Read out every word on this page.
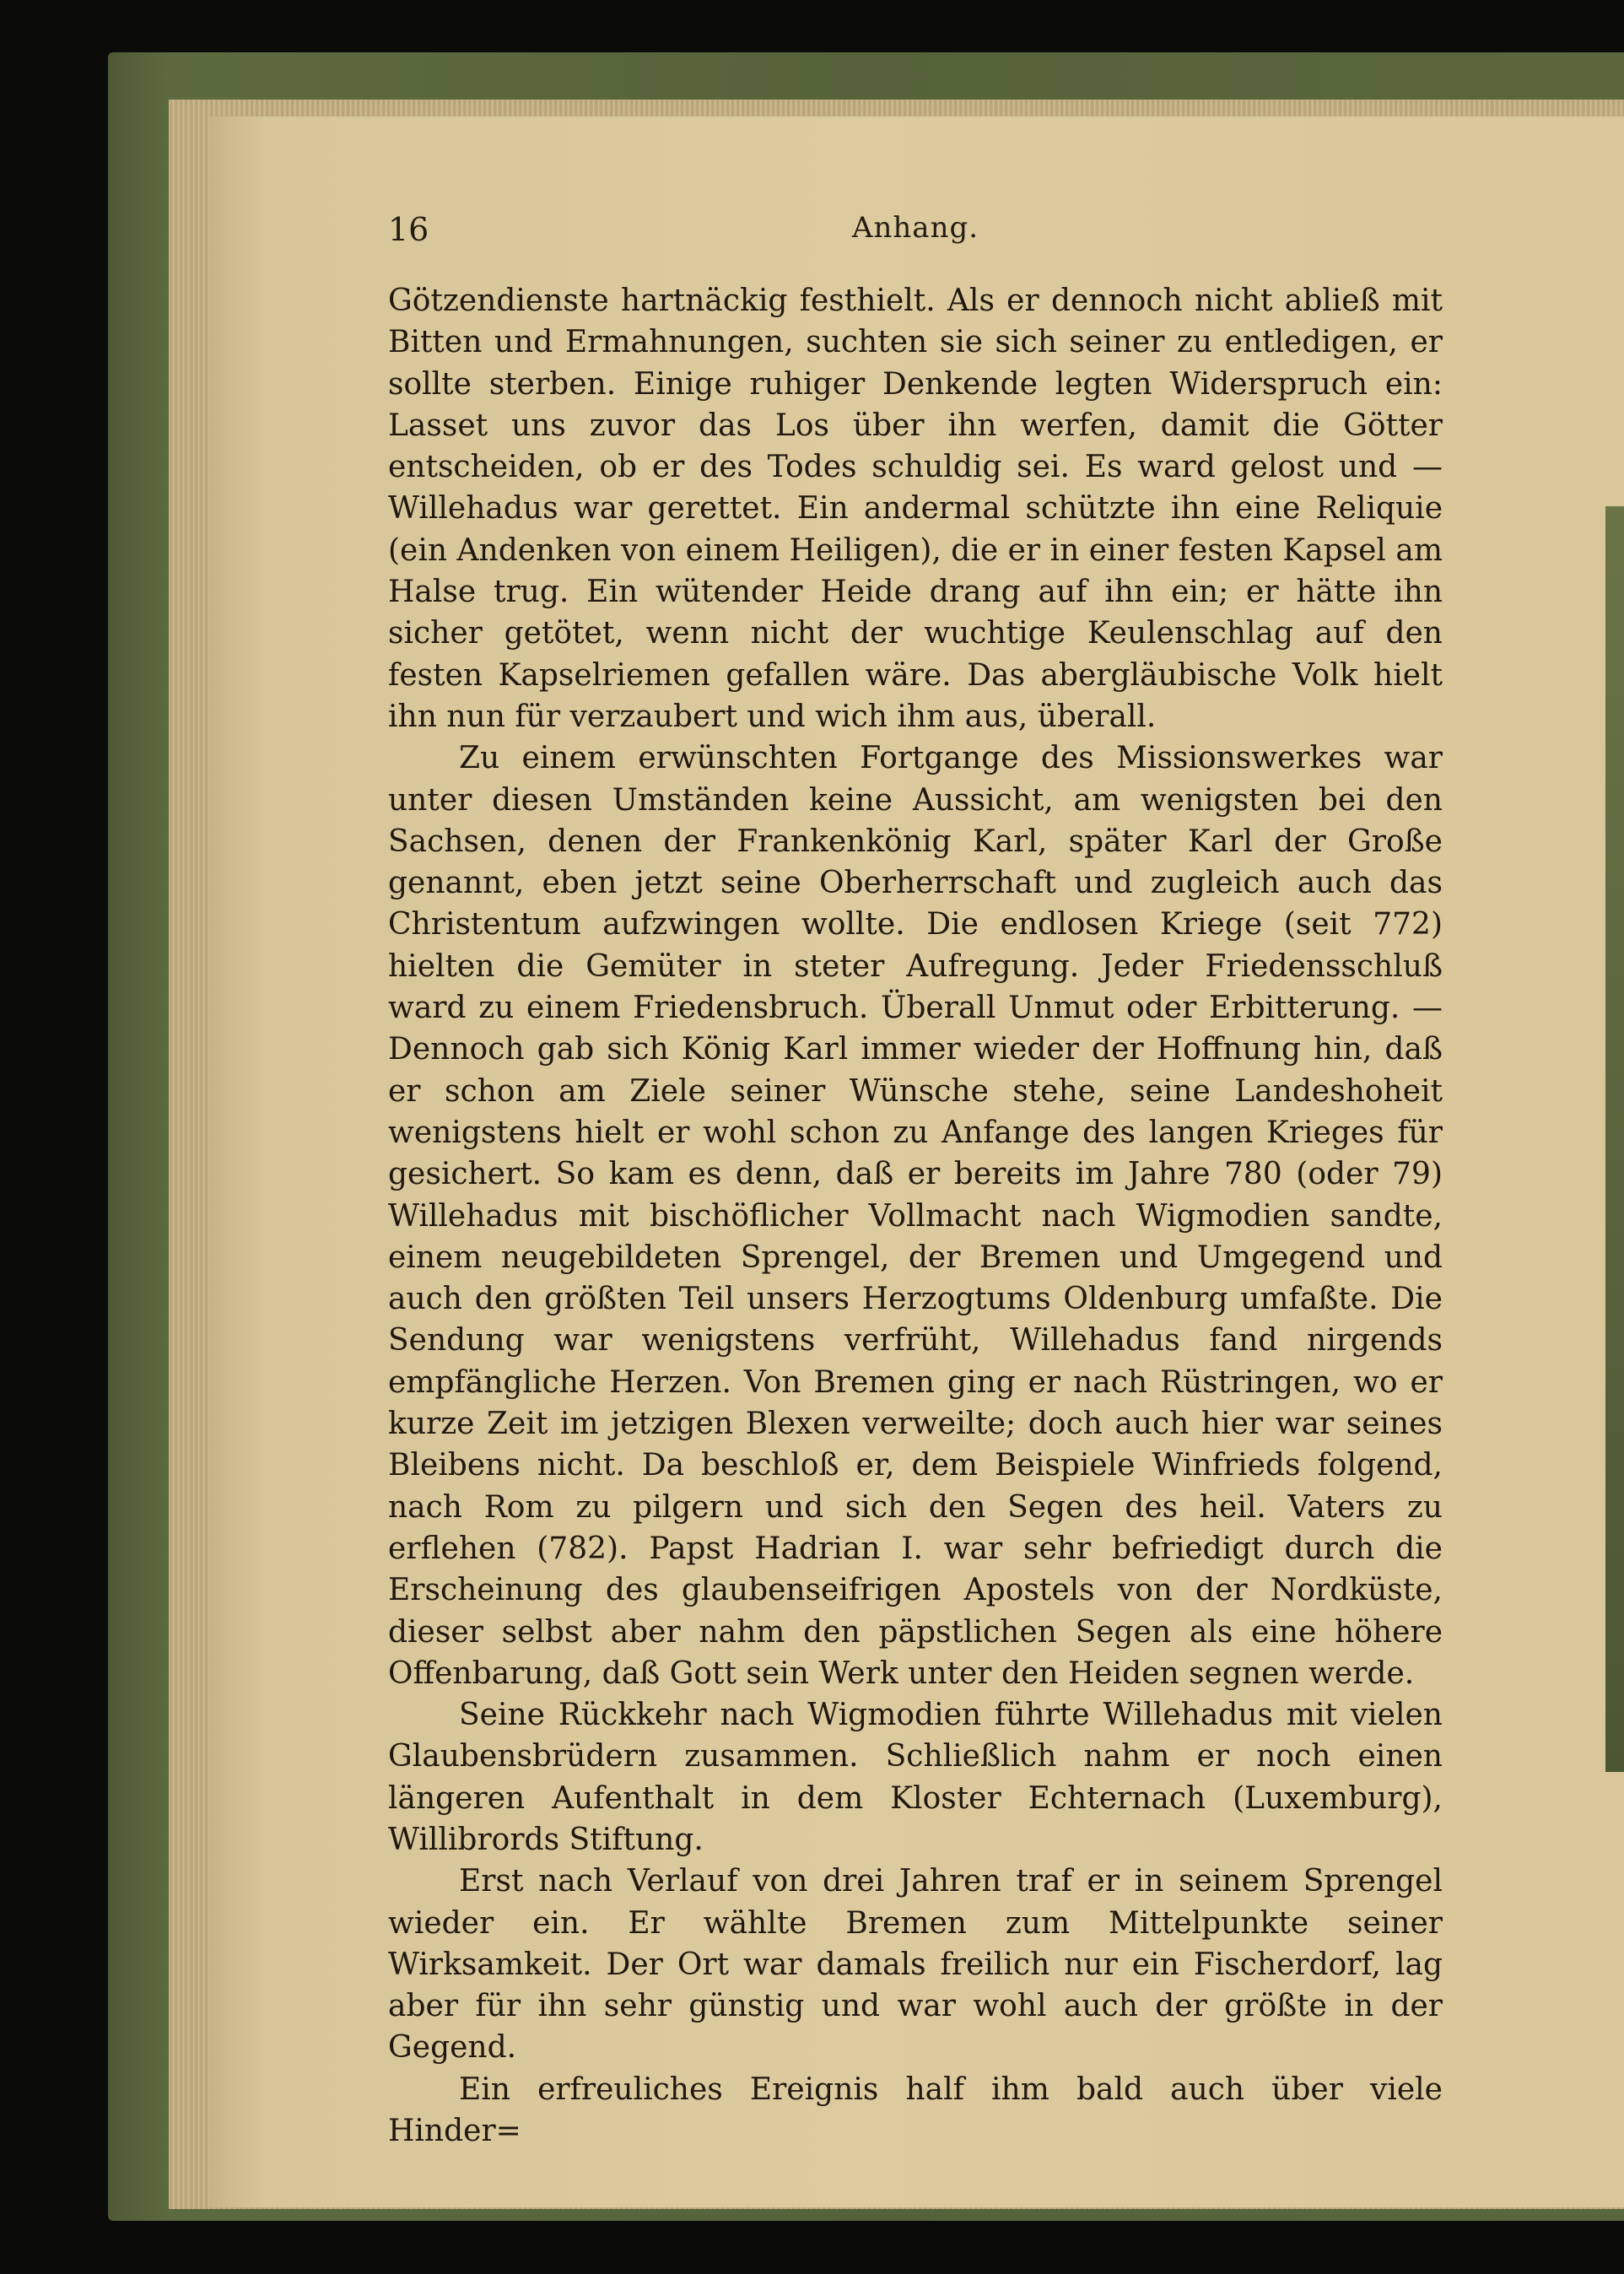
16	Anhang.

Götzendienste hartnäckig festhielt. Als er dennoch nicht abließ mit Bitten und Ermahnungen, suchten sie sich seiner zu entledigen, er sollte sterben. Einige ruhiger Denkende legten Widerspruch ein: Lasset uns zuvor das Los über ihn werfen, damit die Götter entscheiden, ob er des Todes schuldig sei. Es ward gelost und — Willehadus war gerettet. Ein andermal schützte ihn eine Reliquie (ein Andenken von einem Heiligen), die er in einer festen Kapsel am Halse trug. Ein wütender Heide drang auf ihn ein; er hätte ihn sicher getötet, wenn nicht der wuchtige Keulenschlag auf den festen Kapselriemen gefallen wäre. Das abergläubische Volk hielt ihn nun für verzaubert und wich ihm aus, überall.

Zu einem erwünschten Fortgange des Missionswerkes war unter diesen Umständen keine Aussicht, am wenigsten bei den Sachsen, denen der Frankenkönig Karl, später Karl der Große genannt, eben jetzt seine Oberherrschaft und zugleich auch das Christentum aufzwingen wollte. Die endlosen Kriege (seit 772) hielten die Gemüter in steter Aufregung. Jeder Friedensschluß ward zu einem Friedensbruch. Überall Unmut oder Erbitterung. — Dennoch gab sich König Karl immer wieder der Hoffnung hin, daß er schon am Ziele seiner Wünsche stehe, seine Landeshoheit wenigstens hielt er wohl schon zu Anfange des langen Krieges für gesichert. So kam es denn, daß er bereits im Jahre 780 (oder 79) Willehadus mit bischöflicher Vollmacht nach Wigmodien sandte, einem neugebildeten Sprengel, der Bremen und Umgegend und auch den größten Teil unsers Herzogtums Oldenburg umfaßte. Die Sendung war wenigstens verfrüht, Willehadus fand nirgends empfängliche Herzen. Von Bremen ging er nach Rüstringen, wo er kurze Zeit im jetzigen Blexen verweilte; doch auch hier war seines Bleibens nicht. Da beschloß er, dem Beispiele Winfrieds folgend, nach Rom zu pilgern und sich den Segen des heil. Vaters zu erflehen (782). Papst Hadrian I. war sehr befriedigt durch die Erscheinung des glaubenseifrigen Apostels von der Nordküste, dieser selbst aber nahm den päpstlichen Segen als eine höhere Offenbarung, daß Gott sein Werk unter den Heiden segnen werde.

Seine Rückkehr nach Wigmodien führte Willehadus mit vielen Glaubensbrüdern zusammen. Schließlich nahm er noch einen längeren Aufenthalt in dem Kloster Echternach (Luxemburg), Willibrords Stiftung.

Erst nach Verlauf von drei Jahren traf er in seinem Sprengel wieder ein. Er wählte Bremen zum Mittelpunkte seiner Wirksamkeit. Der Ort war damals freilich nur ein Fischerdorf, lag aber für ihn sehr günstig und war wohl auch der größte in der Gegend.

Ein erfreuliches Ereignis half ihm bald auch über viele Hinder=
